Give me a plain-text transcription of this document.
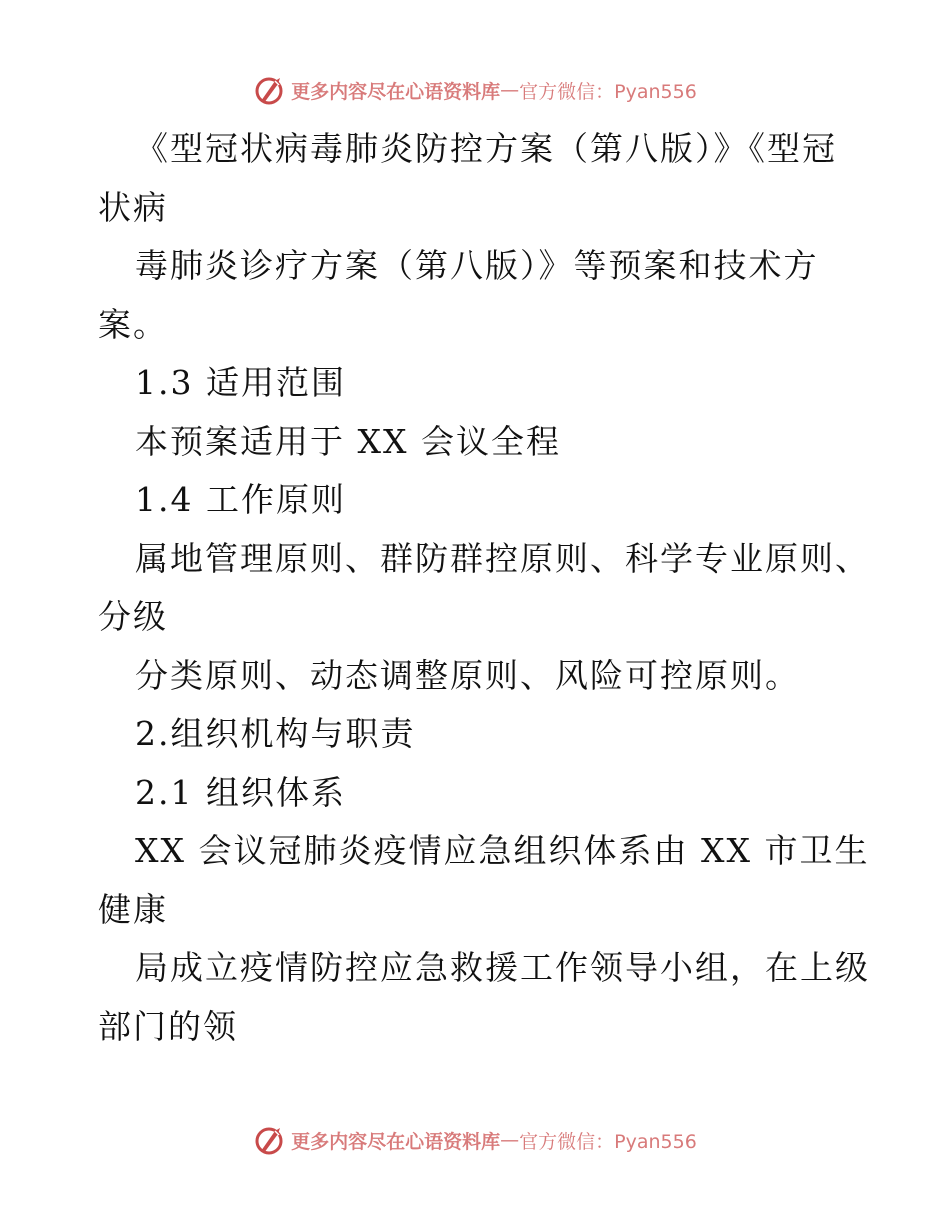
更多内容尽在心语资料库 — 官方微信：Pyan556
《型冠状病毒肺炎防控方案（第八版）》《型冠
状病
毒肺炎诊疗方案（第八版）》等预案和技术方
案。
1.3 适用范围
本预案适用于 XX 会议全程
1.4 工作原则
属地管理原则、群防群控原则、科学专业原则、
分级
分类原则、动态调整原则、风险可控原则。
2.组织机构与职责
2.1 组织体系
XX 会议冠肺炎疫情应急组织体系由 XX 市卫生
健康
局成立疫情防控应急救援工作领导小组，在上级
部门的领
更多内容尽在心语资料库 — 官方微信：Pyan556
